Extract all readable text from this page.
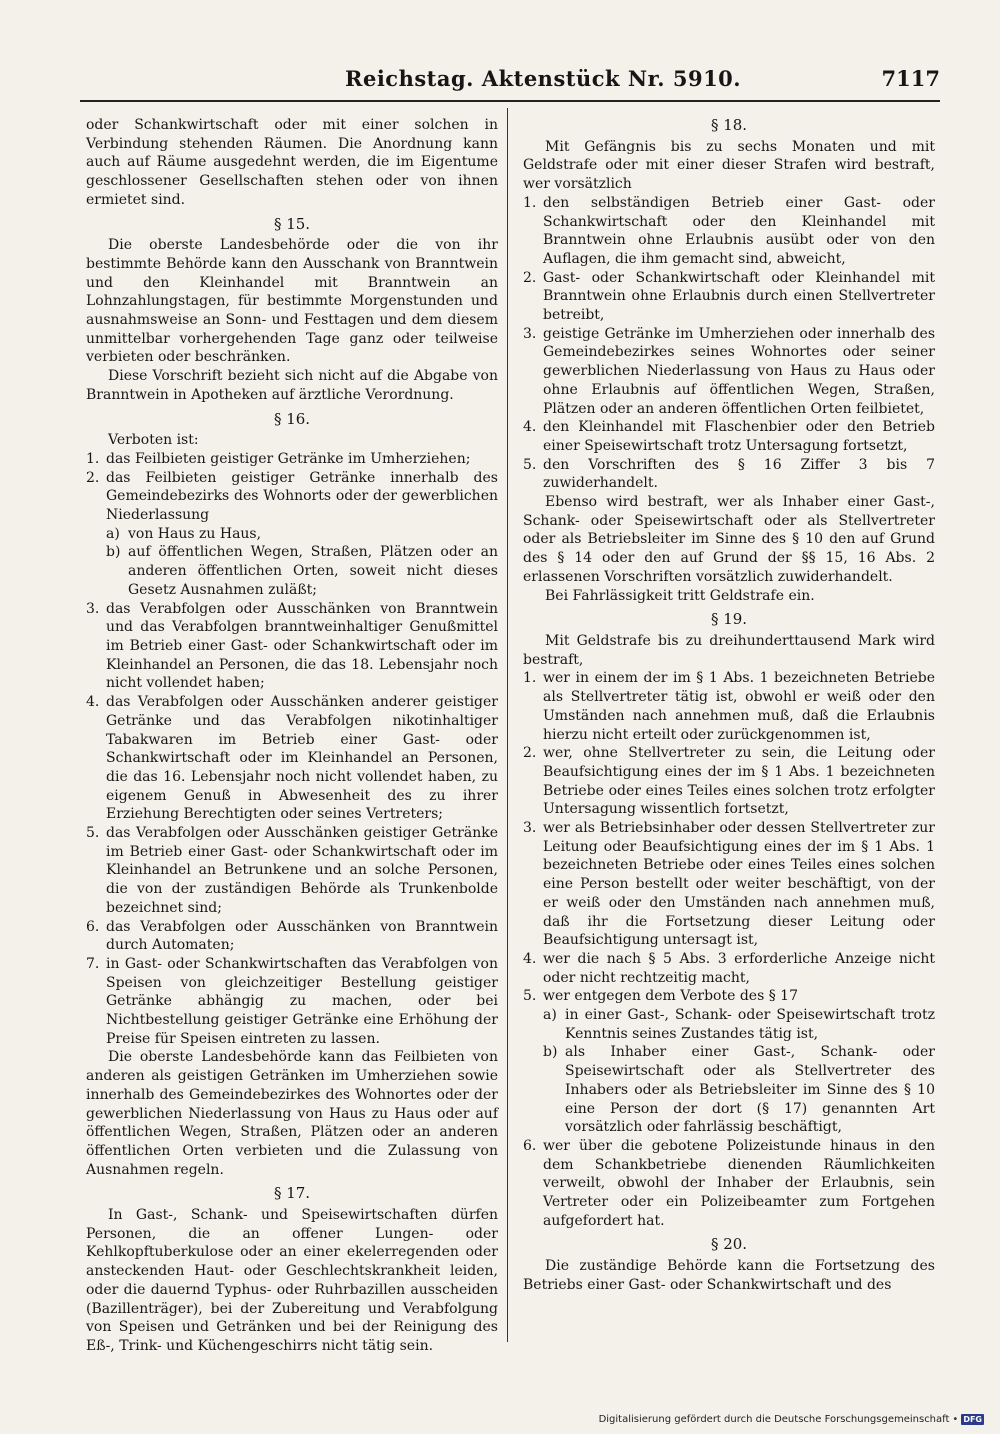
Reichstag. Aktenstück Nr. 5910.	7117

oder Schankwirtschaft oder mit einer solchen in Verbindung stehenden Räumen. Die Anordnung kann auch auf Räume ausgedehnt werden, die im Eigentume geschlossener Gesellschaften stehen oder von ihnen ermietet sind.

§ 15.

Die oberste Landesbehörde oder die von ihr bestimmte Behörde kann den Ausschank von Branntwein und den Kleinhandel mit Branntwein an Lohnzahlungstagen, für bestimmte Morgenstunden und ausnahmsweise an Sonn- und Festtagen und dem diesem unmittelbar vorhergehenden Tage ganz oder teilweise verbieten oder beschränken.

Diese Vorschrift bezieht sich nicht auf die Abgabe von Branntwein in Apotheken auf ärztliche Verordnung.

§ 16.

Verboten ist:

1. das Feilbieten geistiger Getränke im Umherziehen;
2. das Feilbieten geistiger Getränke innerhalb des Gemeindebezirks des Wohnorts oder der gewerblichen Niederlassung
a) von Haus zu Haus,
b) auf öffentlichen Wegen, Straßen, Plätzen oder an anderen öffentlichen Orten, soweit nicht dieses Gesetz Ausnahmen zuläßt;
3. das Verabfolgen oder Ausschänken von Branntwein und das Verabfolgen branntweinhaltiger Genußmittel im Betrieb einer Gast- oder Schankwirtschaft oder im Kleinhandel an Personen, die das 18. Lebensjahr noch nicht vollendet haben;
4. das Verabfolgen oder Ausschänken anderer geistiger Getränke und das Verabfolgen nikotinhaltiger Tabakwaren im Betrieb einer Gast- oder Schankwirtschaft oder im Kleinhandel an Personen, die das 16. Lebensjahr noch nicht vollendet haben, zu eigenem Genuß in Abwesenheit des zu ihrer Erziehung Berechtigten oder seines Vertreters;
5. das Verabfolgen oder Ausschänken geistiger Getränke im Betrieb einer Gast- oder Schankwirtschaft oder im Kleinhandel an Betrunkene und an solche Personen, die von der zuständigen Behörde als Trunkenbolde bezeichnet sind;
6. das Verabfolgen oder Ausschänken von Branntwein durch Automaten;
7. in Gast- oder Schankwirtschaften das Verabfolgen von Speisen von gleichzeitiger Bestellung geistiger Getränke abhängig zu machen, oder bei Nichtbestellung geistiger Getränke eine Erhöhung der Preise für Speisen eintreten zu lassen.

Die oberste Landesbehörde kann das Feilbieten von anderen als geistigen Getränken im Umherziehen sowie innerhalb des Gemeindebezirkes des Wohnortes oder der gewerblichen Niederlassung von Haus zu Haus oder auf öffentlichen Wegen, Straßen, Plätzen oder an anderen öffentlichen Orten verbieten und die Zulassung von Ausnahmen regeln.

§ 17.

In Gast-, Schank- und Speisewirtschaften dürfen Personen, die an offener Lungen- oder Kehlkopftuberkulose oder an einer ekelerregenden oder ansteckenden Haut- oder Geschlechtskrankheit leiden, oder die dauernd Typhus- oder Ruhrbazillen ausscheiden (Bazillenträger), bei der Zubereitung und Verabfolgung von Speisen und Getränken und bei der Reinigung des Eß-, Trink- und Küchengeschirrs nicht tätig sein.

§ 18.

Mit Gefängnis bis zu sechs Monaten und mit Geldstrafe oder mit einer dieser Strafen wird bestraft, wer vorsätzlich

1. den selbständigen Betrieb einer Gast- oder Schankwirtschaft oder den Kleinhandel mit Branntwein ohne Erlaubnis ausübt oder von den Auflagen, die ihm gemacht sind, abweicht,
2. Gast- oder Schankwirtschaft oder Kleinhandel mit Branntwein ohne Erlaubnis durch einen Stellvertreter betreibt,
3. geistige Getränke im Umherziehen oder innerhalb des Gemeindebezirkes seines Wohnortes oder seiner gewerblichen Niederlassung von Haus zu Haus oder ohne Erlaubnis auf öffentlichen Wegen, Straßen, Plätzen oder an anderen öffentlichen Orten feilbietet,
4. den Kleinhandel mit Flaschenbier oder den Betrieb einer Speisewirtschaft trotz Untersagung fortsetzt,
5. den Vorschriften des § 16 Ziffer 3 bis 7 zuwiderhandelt.

Ebenso wird bestraft, wer als Inhaber einer Gast-, Schank- oder Speisewirtschaft oder als Stellvertreter oder als Betriebsleiter im Sinne des § 10 den auf Grund des § 14 oder den auf Grund der §§ 15, 16 Abs. 2 erlassenen Vorschriften vorsätzlich zuwiderhandelt.

Bei Fahrlässigkeit tritt Geldstrafe ein.

§ 19.

Mit Geldstrafe bis zu dreihunderttausend Mark wird bestraft,

1. wer in einem der im § 1 Abs. 1 bezeichneten Betriebe als Stellvertreter tätig ist, obwohl er weiß oder den Umständen nach annehmen muß, daß die Erlaubnis hierzu nicht erteilt oder zurückgenommen ist,
2. wer, ohne Stellvertreter zu sein, die Leitung oder Beaufsichtigung eines der im § 1 Abs. 1 bezeichneten Betriebe oder eines Teiles eines solchen trotz erfolgter Untersagung wissentlich fortsetzt,
3. wer als Betriebsinhaber oder dessen Stellvertreter zur Leitung oder Beaufsichtigung eines der im § 1 Abs. 1 bezeichneten Betriebe oder eines Teiles eines solchen eine Person bestellt oder weiter beschäftigt, von der er weiß oder den Umständen nach annehmen muß, daß ihr die Fortsetzung dieser Leitung oder Beaufsichtigung untersagt ist,
4. wer die nach § 5 Abs. 3 erforderliche Anzeige nicht oder nicht rechtzeitig macht,
5. wer entgegen dem Verbote des § 17
a) in einer Gast-, Schank- oder Speisewirtschaft trotz Kenntnis seines Zustandes tätig ist,
b) als Inhaber einer Gast-, Schank- oder Speisewirtschaft oder als Stellvertreter des Inhabers oder als Betriebsleiter im Sinne des § 10 eine Person der dort (§ 17) genannten Art vorsätzlich oder fahrlässig beschäftigt,
6. wer über die gebotene Polizeistunde hinaus in den dem Schankbetriebe dienenden Räumlichkeiten verweilt, obwohl der Inhaber der Erlaubnis, sein Vertreter oder ein Polizeibeamter zum Fortgehen aufgefordert hat.
§ 20.

Die zuständige Behörde kann die Fortsetzung des Betriebs einer Gast- oder Schankwirtschaft und des

Digitalisierung gefördert durch die Deutsche Forschungsgemeinschaft • DFG
